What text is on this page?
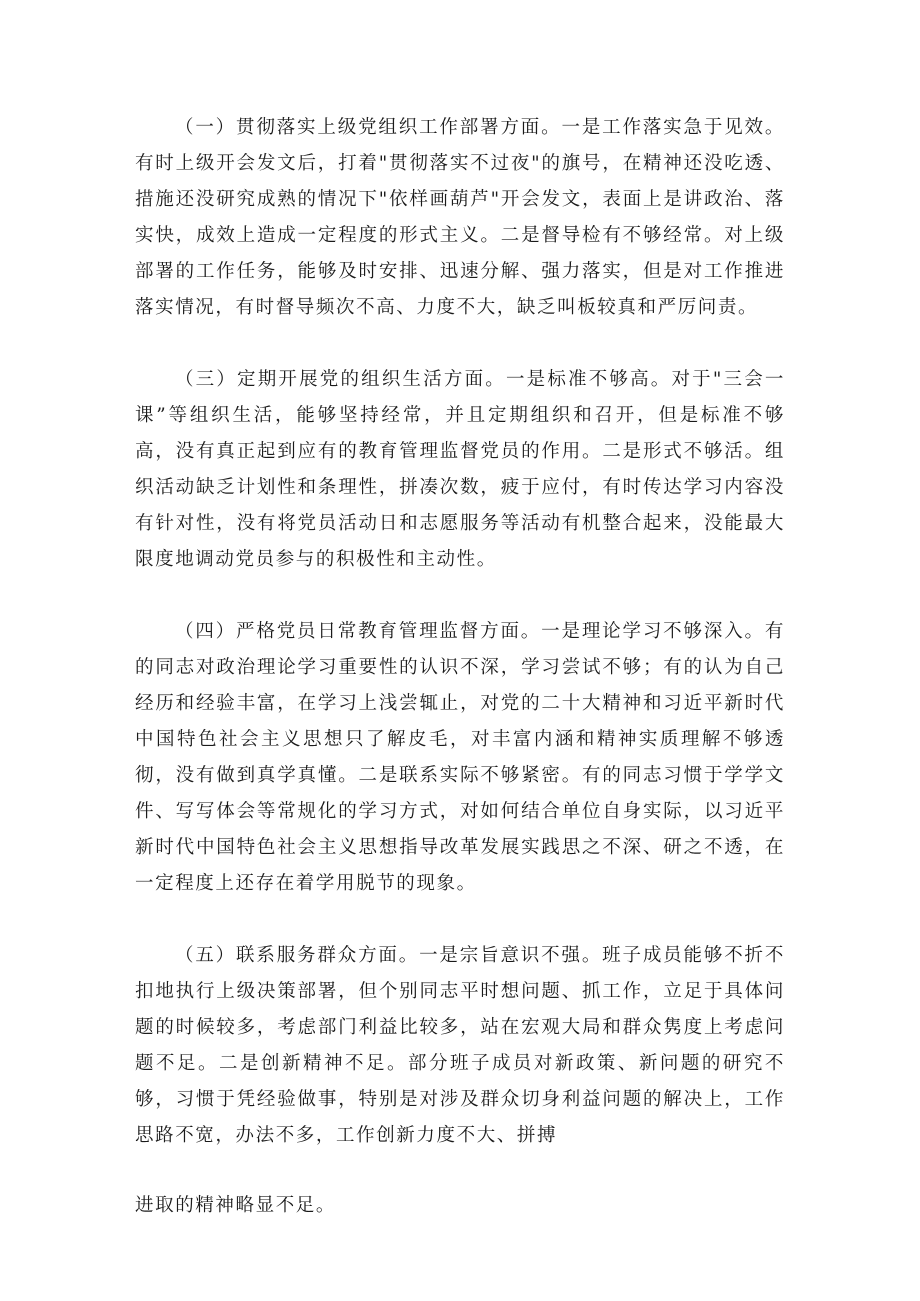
（一）贯彻落实上级党组织工作部署方面。一是工作落实急于见效。有时上级开会发文后，打着"贯彻落实不过夜"的旗号，在精神还没吃透、措施还没研究成熟的情况下"依样画葫芦"开会发文，表面上是讲政治、落实快，成效上造成一定程度的形式主义。二是督导检有不够经常。对上级部署的工作任务，能够及时安排、迅速分解、强力落实，但是对工作推进落实情况，有时督导频次不高、力度不大，缺乏叫板较真和严厉问责。

（三）定期开展党的组织生活方面。一是标准不够高。对于"三会一课”等组织生活，能够坚持经常，并且定期组织和召开，但是标准不够高，没有真正起到应有的教育管理监督党员的作用。二是形式不够活。组织活动缺乏计划性和条理性，拼凑次数，疲于应付，有时传达学习内容没有针对性，没有将党员活动日和志愿服务等活动有机整合起来，没能最大限度地调动党员参与的积极性和主动性。

（四）严格党员日常教育管理监督方面。一是理论学习不够深入。有的同志对政治理论学习重要性的认识不深，学习尝试不够；有的认为自己经历和经验丰富，在学习上浅尝辄止，对党的二十大精神和习近平新时代中国特色社会主义思想只了解皮毛，对丰富内涵和精神实质理解不够透彻，没有做到真学真懂。二是联系实际不够紧密。有的同志习惯于学学文件、写写体会等常规化的学习方式，对如何结合单位自身实际，以习近平新时代中国特色社会主义思想指导改革发展实践思之不深、研之不透，在一定程度上还存在着学用脱节的现象。

（五）联系服务群众方面。一是宗旨意识不强。班子成员能够不折不扣地执行上级决策部署，但个别同志平时想问题、抓工作，立足于具体问题的时候较多，考虑部门利益比较多，站在宏观大局和群众隽度上考虑问题不足。二是创新精神不足。部分班子成员对新政策、新问题的研究不够，习惯于凭经验做事，特别是对涉及群众切身利益问题的解决上，工作思路不宽，办法不多，工作创新力度不大、拼搏

进取的精神略显不足。
